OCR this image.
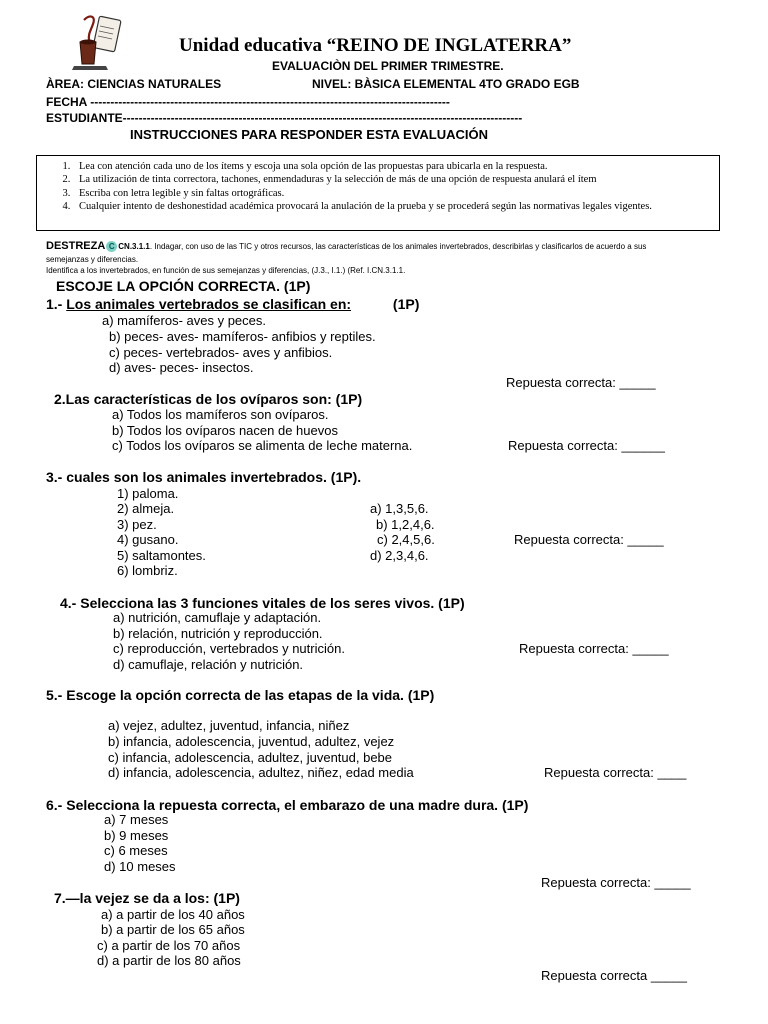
Unidad educativa “REINO DE INGLATERRA”
EVALUACIÒN DEL PRIMER TRIMESTRE.
ÀREA: CIENCIAS NATURALES	NIVEL: BÀSICA ELEMENTAL 4TO GRADO EGB
FECHA ------------------------------------------------------------------------------------------
ESTUDIANTE----------------------------------------------------------------------------------------------------
INSTRUCCIONES PARA RESPONDER ESTA EVALUACIÓN
1. Lea con atención cada uno de los ítems y escoja una sola opción de las propuestas para ubicarla en la respuesta.
2. La utilización de tinta correctora, tachones, enmendaduras y la selección de más de una opción de respuesta anulará el ítem
3. Escriba con letra legible y sin faltas ortográficas.
4. Cualquier intento de deshonestidad académica provocará la anulación de la prueba y se procederá según las normativas legales vigentes.
DESTREZA C CN.3.1.1. Indagar, con uso de las TIC y otros recursos, las características de los animales invertebrados, describirlas y clasificarlos de acuerdo a sus
semejanzas y diferencias.
Identifica a los invertebrados, en función de sus semejanzas y diferencias, (J.3., I.1.) (Ref. I.CN.3.1.1.
ESCOJE LA OPCIÓN CORRECTA. (1P)
1.- Los animales vertebrados se clasifican en:	(1P)
a) mamíferos- aves y peces.
b) peces- aves- mamíferos- anfibios y reptiles.
c) peces- vertebrados- aves y anfibios.
d) aves- peces- insectos.
Repuesta correcta: _____
2.Las características de los ovíparos son: (1P)
a) Todos los mamíferos son ovíparos.
b) Todos los ovíparos nacen de huevos
c) Todos los ovíparos se alimenta de leche materna.	Repuesta correcta: ______
3.- cuales son los animales invertebrados. (1P).
1) paloma.
2) almeja.
3) pez.
4) gusano.
5) saltamontes.
6) lombriz.
a) 1,3,5,6.
b) 1,2,4,6.
c) 2,4,5,6.
d) 2,3,4,6.
Repuesta correcta: _____
4.- Selecciona las 3 funciones vitales de los seres vivos. (1P)
a) nutrición, camuflaje y adaptación.
b) relación, nutrición y reproducción.
c) reproducción, vertebrados y nutrición.
d) camuflaje, relación y nutrición.
Repuesta correcta: _____
5.- Escoge la opción correcta de las etapas de la vida. (1P)
a) vejez, adultez, juventud, infancia, niñez
b) infancia, adolescencia, juventud, adultez, vejez
c) infancia, adolescencia, adultez, juventud, bebe
d) infancia, adolescencia, adultez, niñez, edad media	Repuesta correcta: ____
6.- Selecciona la repuesta correcta, el embarazo de una madre dura. (1P)
a) 7 meses
b) 9 meses
c) 6 meses
d) 10 meses
Repuesta correcta: _____
7.—la vejez se da a los: (1P)
a) a partir de los 40 años
b) a partir de los 65 años
c) a partir de los 70 años
d) a partir de los 80 años
Repuesta correcta _____
